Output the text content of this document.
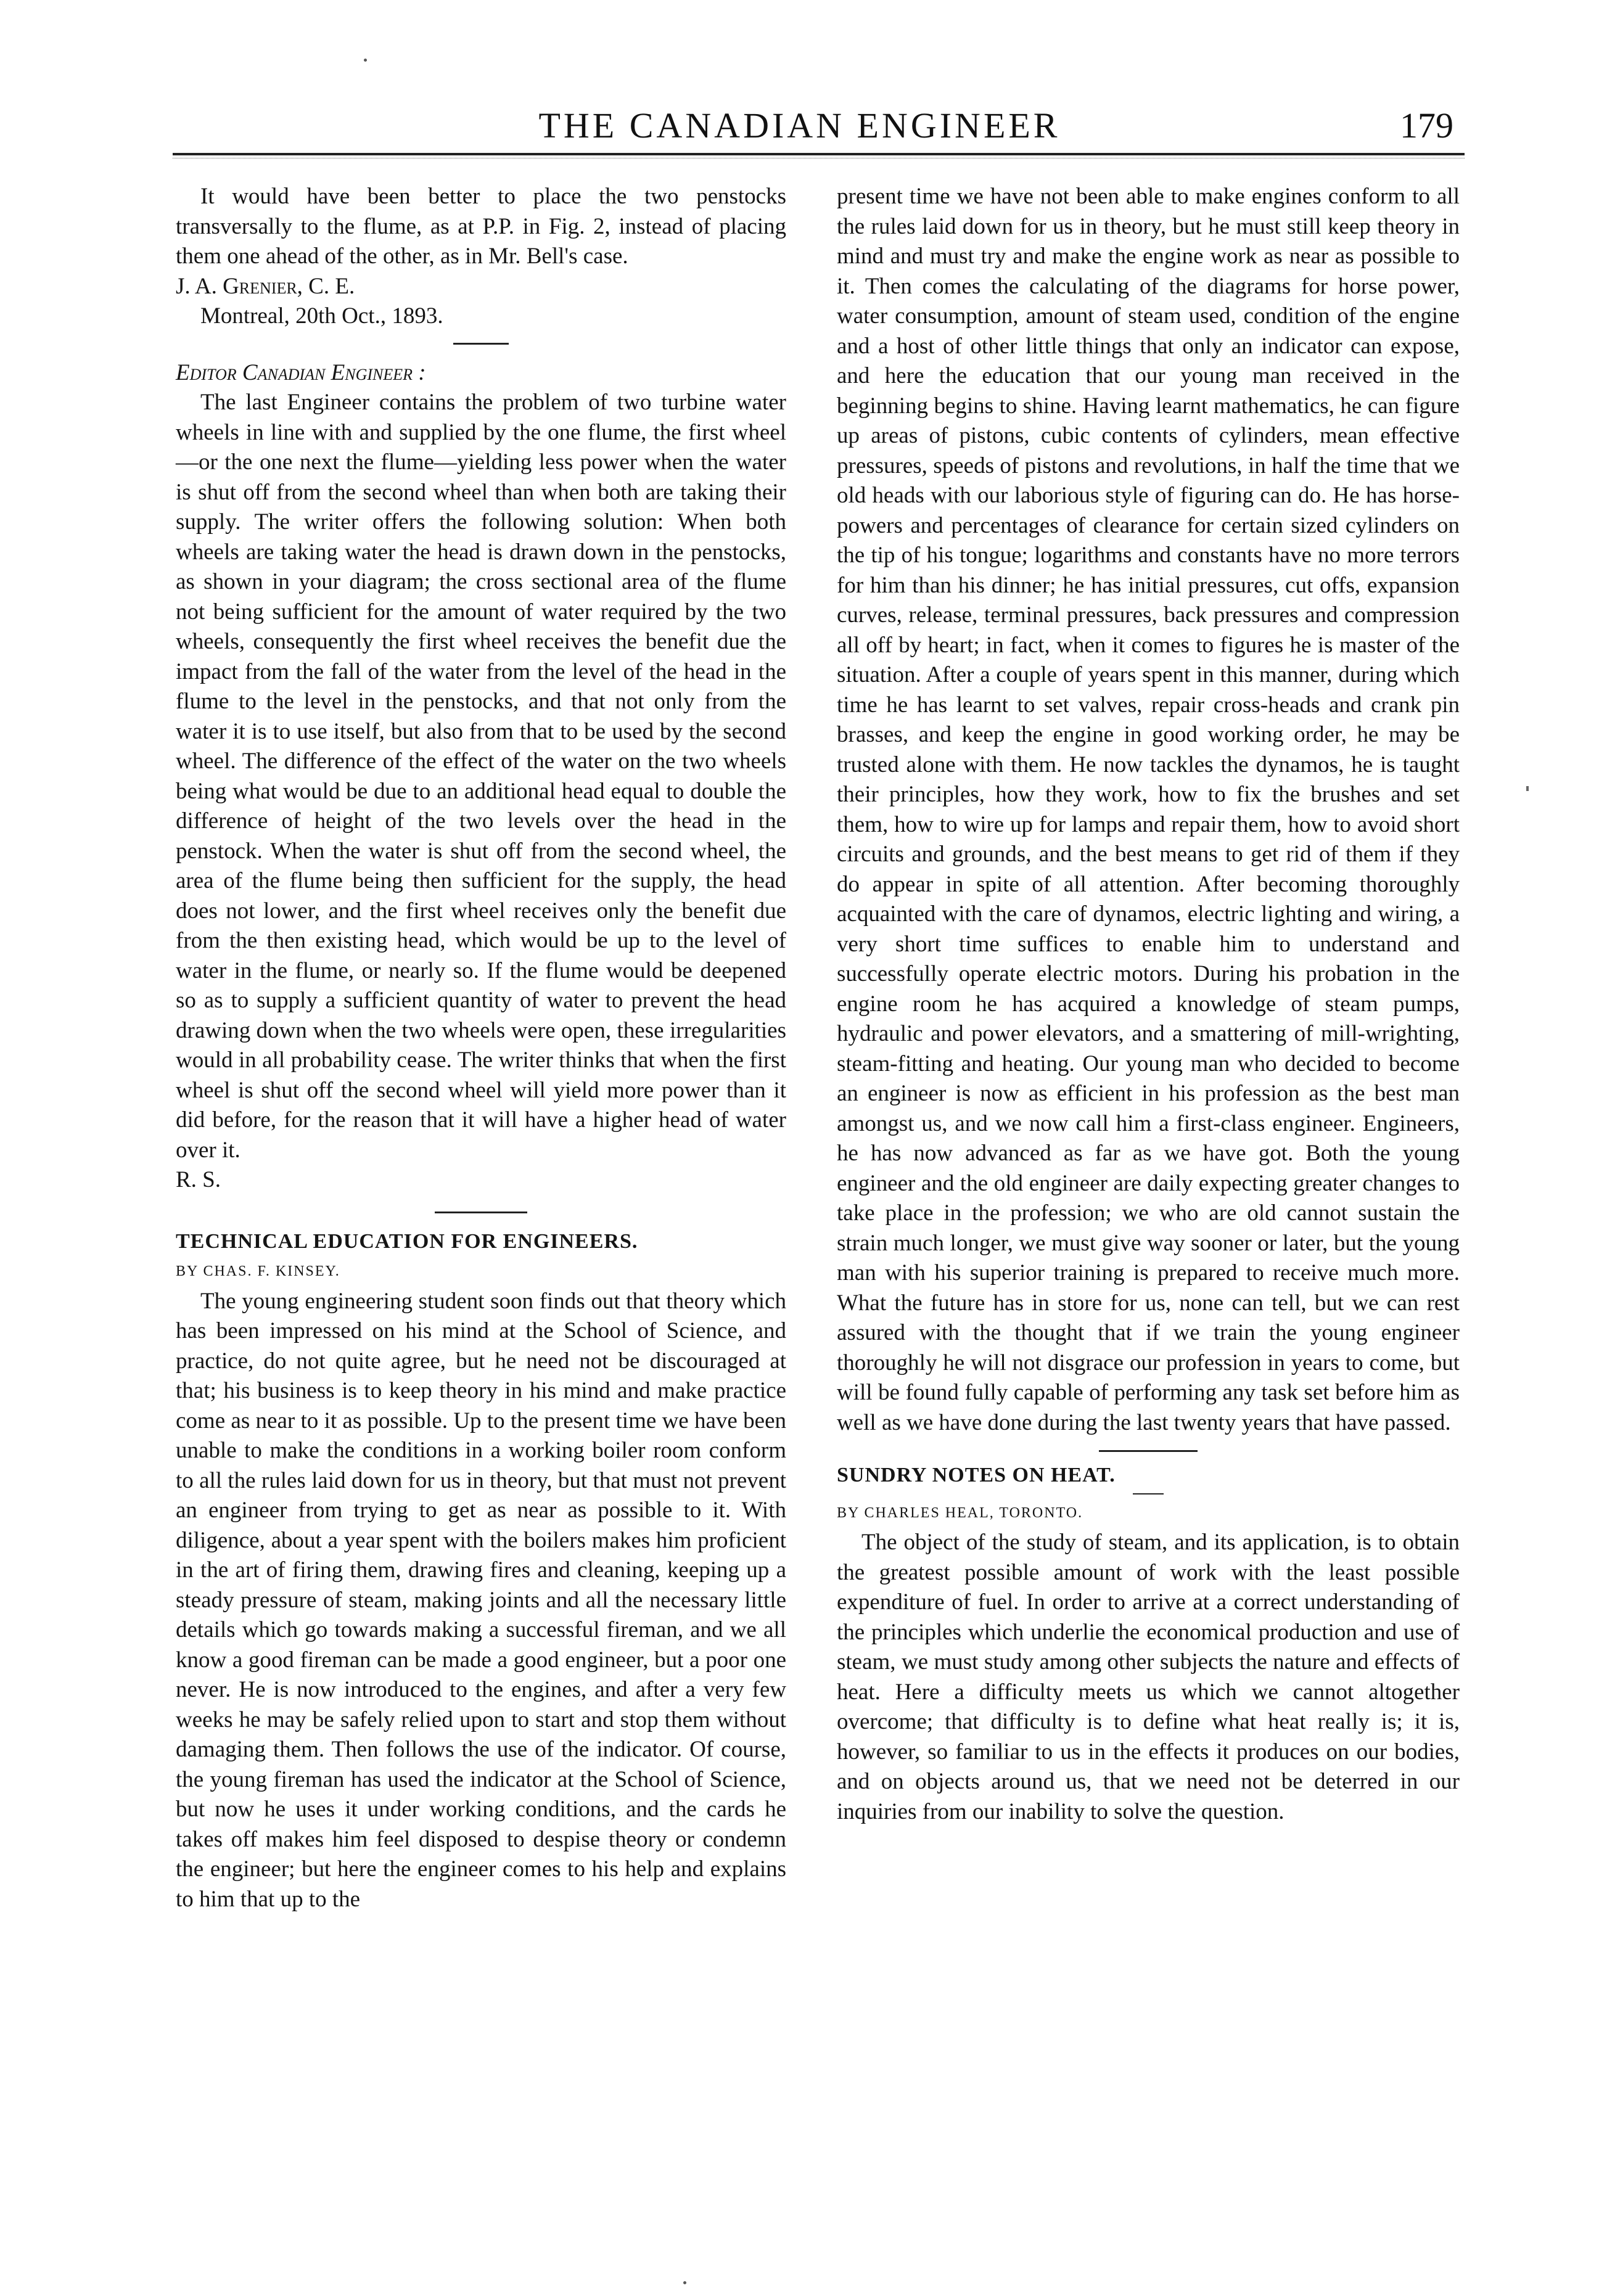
THE CANADIAN ENGINEER	179

It would have been better to place the two penstocks transversally to the flume, as at P.P. in Fig. 2, instead of placing them one ahead of the other, as in Mr. Bell's case.

J. A. Grenier, C. E.

Montreal, 20th Oct., 1893.

Editor Canadian Engineer :

The last Engineer contains the problem of two turbine water wheels in line with and supplied by the one flume, the first wheel—or the one next the flume—yielding less power when the water is shut off from the second wheel than when both are taking their supply. The writer offers the following solution: When both wheels are taking water the head is drawn down in the penstocks, as shown in your diagram; the cross sectional area of the flume not being sufficient for the amount of water required by the two wheels, consequently the first wheel receives the benefit due the impact from the fall of the water from the level of the head in the flume to the level in the penstocks, and that not only from the water it is to use itself, but also from that to be used by the second wheel. The difference of the effect of the water on the two wheels being what would be due to an additional head equal to double the difference of height of the two levels over the head in the penstock. When the water is shut off from the second wheel, the area of the flume being then sufficient for the supply, the head does not lower, and the first wheel receives only the benefit due from the then existing head, which would be up to the level of water in the flume, or nearly so. If the flume would be deepened so as to supply a sufficient quantity of water to prevent the head drawing down when the two wheels were open, these irregularities would in all probability cease. The writer thinks that when the first wheel is shut off the second wheel will yield more power than it did before, for the reason that it will have a higher head of water over it.

R. S.

TECHNICAL EDUCATION FOR ENGINEERS.

BY CHAS. F. KINSEY.

The young engineering student soon finds out that theory which has been impressed on his mind at the School of Science, and practice, do not quite agree, but he need not be discouraged at that; his business is to keep theory in his mind and make practice come as near to it as possible. Up to the present time we have been unable to make the conditions in a working boiler room conform to all the rules laid down for us in theory, but that must not prevent an engineer from trying to get as near as possible to it. With diligence, about a year spent with the boilers makes him proficient in the art of firing them, drawing fires and cleaning, keeping up a steady pressure of steam, making joints and all the necessary little details which go towards making a successful fireman, and we all know a good fireman can be made a good engineer, but a poor one never. He is now introduced to the engines, and after a very few weeks he may be safely relied upon to start and stop them without damaging them. Then follows the use of the indicator. Of course, the young fireman has used the indicator at the School of Science, but now he uses it under working conditions, and the cards he takes off makes him feel disposed to despise theory or condemn the engineer; but here the engineer comes to his help and explains to him that up to the

present time we have not been able to make engines conform to all the rules laid down for us in theory, but he must still keep theory in mind and must try and make the engine work as near as possible to it. Then comes the calculating of the diagrams for horse power, water consumption, amount of steam used, condition of the engine and a host of other little things that only an indicator can expose, and here the education that our young man received in the beginning begins to shine. Having learnt mathematics, he can figure up areas of pistons, cubic contents of cylinders, mean effective pressures, speeds of pistons and revolutions, in half the time that we old heads with our laborious style of figuring can do. He has horse-powers and percentages of clearance for certain sized cylinders on the tip of his tongue; logarithms and constants have no more terrors for him than his dinner; he has initial pressures, cut offs, expansion curves, release, terminal pressures, back pressures and compression all off by heart; in fact, when it comes to figures he is master of the situation. After a couple of years spent in this manner, during which time he has learnt to set valves, repair cross-heads and crank pin brasses, and keep the engine in good working order, he may be trusted alone with them. He now tackles the dynamos, he is taught their principles, how they work, how to fix the brushes and set them, how to wire up for lamps and repair them, how to avoid short circuits and grounds, and the best means to get rid of them if they do appear in spite of all attention. After becoming thoroughly acquainted with the care of dynamos, electric lighting and wiring, a very short time suffices to enable him to understand and successfully operate electric motors. During his probation in the engine room he has acquired a knowledge of steam pumps, hydraulic and power elevators, and a smattering of mill-wrighting, steam-fitting and heating. Our young man who decided to become an engineer is now as efficient in his profession as the best man amongst us, and we now call him a first-class engineer. Engineers, he has now advanced as far as we have got. Both the young engineer and the old engineer are daily expecting greater changes to take place in the profession; we who are old cannot sustain the strain much longer, we must give way sooner or later, but the young man with his superior training is prepared to receive much more. What the future has in store for us, none can tell, but we can rest assured with the thought that if we train the young engineer thoroughly he will not disgrace our profession in years to come, but will be found fully capable of performing any task set before him as well as we have done during the last twenty years that have passed.

SUNDRY NOTES ON HEAT.

BY CHARLES HEAL, TORONTO.

The object of the study of steam, and its application, is to obtain the greatest possible amount of work with the least possible expenditure of fuel. In order to arrive at a correct understanding of the principles which underlie the economical production and use of steam, we must study among other subjects the nature and effects of heat. Here a difficulty meets us which we cannot altogether overcome; that difficulty is to define what heat really is; it is, however, so familiar to us in the effects it produces on our bodies, and on objects around us, that we need not be deterred in our inquiries from our inability to solve the question.
